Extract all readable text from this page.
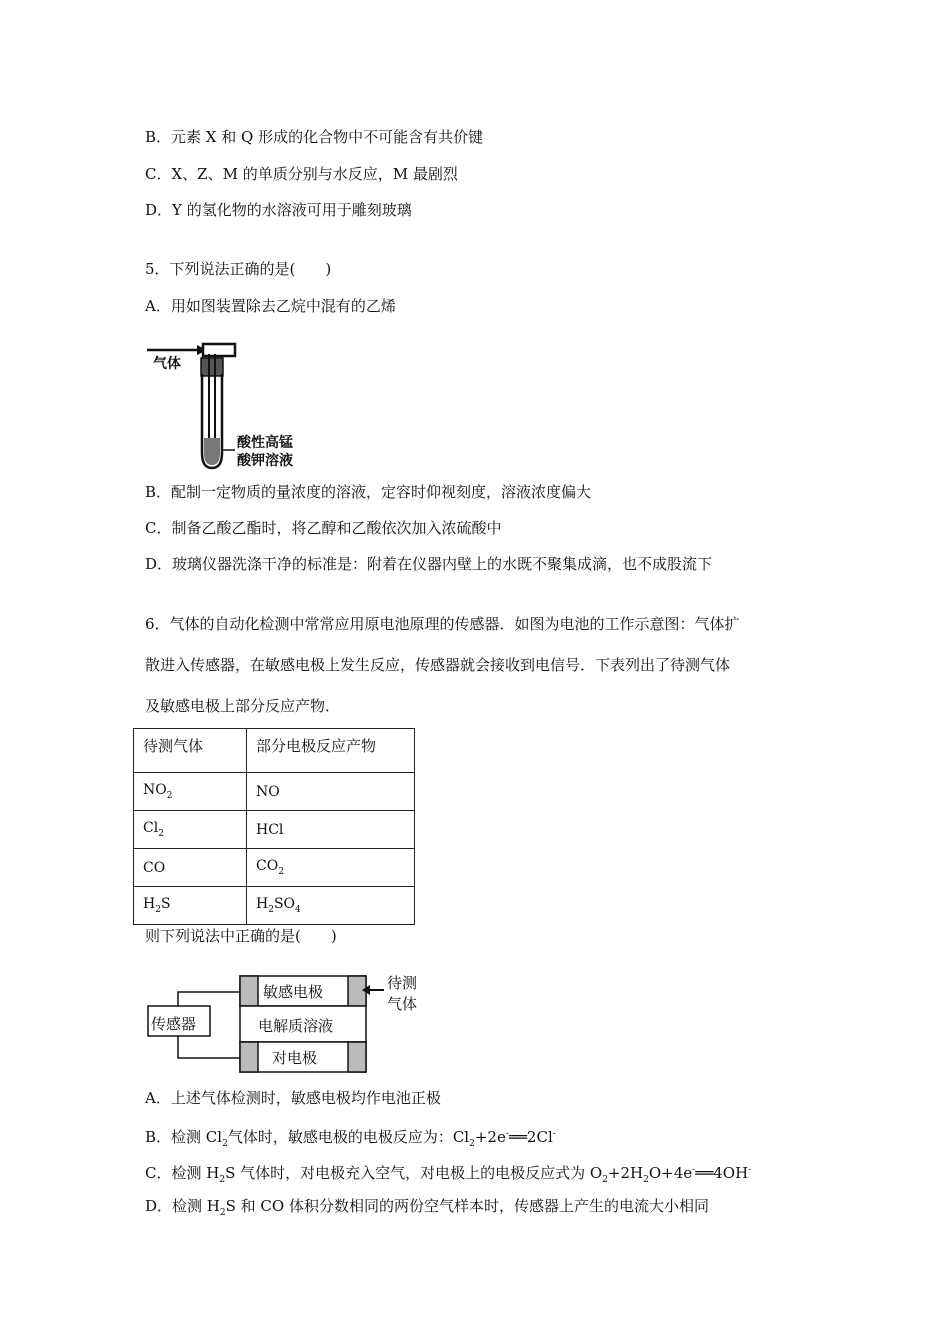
B．元素 X 和 Q 形成的化合物中不可能含有共价键
C．X、Z、M 的单质分别与水反应，M 最剧烈
D．Y 的氢化物的水溶液可用于雕刻玻璃
5．下列说法正确的是(　　)
A．用如图装置除去乙烷中混有的乙烯
气体
酸性高锰
酸钾溶液
B．配制一定物质的量浓度的溶液，定容时仰视刻度，溶液浓度偏大
C．制备乙酸乙酯时，将乙醇和乙酸依次加入浓硫酸中
D．玻璃仪器洗涤干净的标准是：附着在仪器内壁上的水既不聚集成滴，也不成股流下
6．气体的自动化检测中常常应用原电池原理的传感器．如图为电池的工作示意图：气体扩
散进入传感器，在敏感电极上发生反应，传感器就会接收到电信号．下表列出了待测气体
及敏感电极上部分反应产物．
待测气体	部分电极反应产物
$NO_2$	NO
$Cl_2$	HCl
CO	$CO_2$
$H_2S$	$H_2SO_4$
则下列说法中正确的是(　　)
传感器
敏感电极
电解质溶液
对电极
待测
气体
A．上述气体检测时，敏感电极均作电池正极
B．检测 $Cl_2$气体时，敏感电极的电极反应为：$Cl_2+2e^-══2Cl^-$
C．检测 $H_2S$ 气体时，对电极充入空气，对电极上的电极反应式为 $O_2+2H_2O+4e^-══4OH^-$
D．检测 $H_2S$ 和 CO 体积分数相同的两份空气样本时，传感器上产生的电流大小相同
